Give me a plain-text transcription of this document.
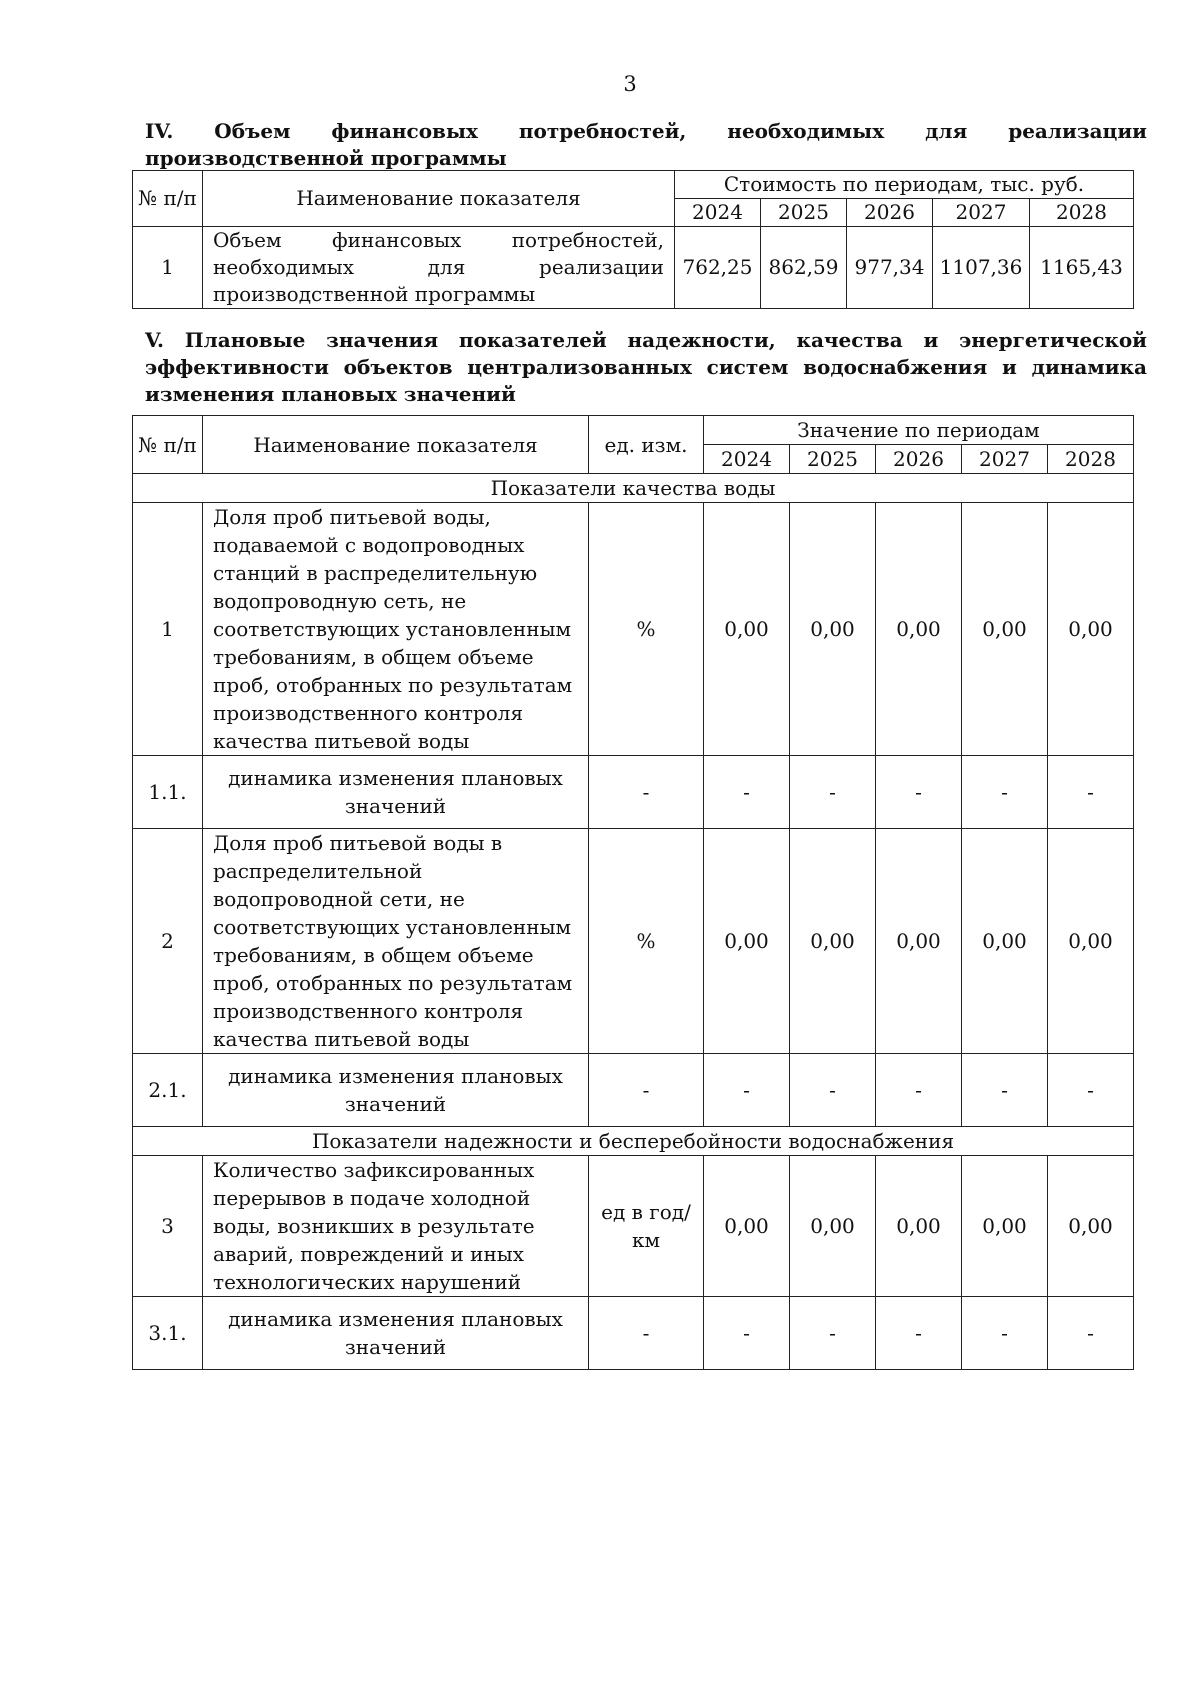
3
IV. Объем финансовых потребностей, необходимых для реализации производственной программы
№ п/п	Наименование показателя	Стоимость по периодам, тыс. руб.				
		2024	2025	2026	2027	2028
1	Объем финансовых потребностей, необходимых для реализации производственной программы	762,25	862,59	977,34	1107,36	1165,43
V. Плановые значения показателей надежности, качества и энергетической эффективности объектов централизованных систем водоснабжения и динамика изменения плановых значений
№ п/п	Наименование показателя	ед. изм.	Значение по периодам				
			2024	2025	2026	2027	2028
Показатели качества воды							
1	Доля проб питьевой воды, подаваемой с водопроводных станций в распределительную водопроводную сеть, не соответствующих установленным требованиям, в общем объеме проб, отобранных по результатам производственного контроля качества питьевой воды	%	0,00	0,00	0,00	0,00	0,00
1.1.	динамика изменения плановых значений	-	-	-	-	-	-
2	Доля проб питьевой воды в распределительной водопроводной сети, не соответствующих установленным требованиям, в общем объеме проб, отобранных по результатам производственного контроля качества питьевой воды	%	0,00	0,00	0,00	0,00	0,00
2.1.	динамика изменения плановых значений	-	-	-	-	-	-
Показатели надежности и бесперебойности водоснабжения							
3	Количество зафиксированных перерывов в подаче холодной воды, возникших в результате аварий, повреждений и иных технологических нарушений	ед в год/ км	0,00	0,00	0,00	0,00	0,00
3.1.	динамика изменения плановых значений	-	-	-	-	-	-
